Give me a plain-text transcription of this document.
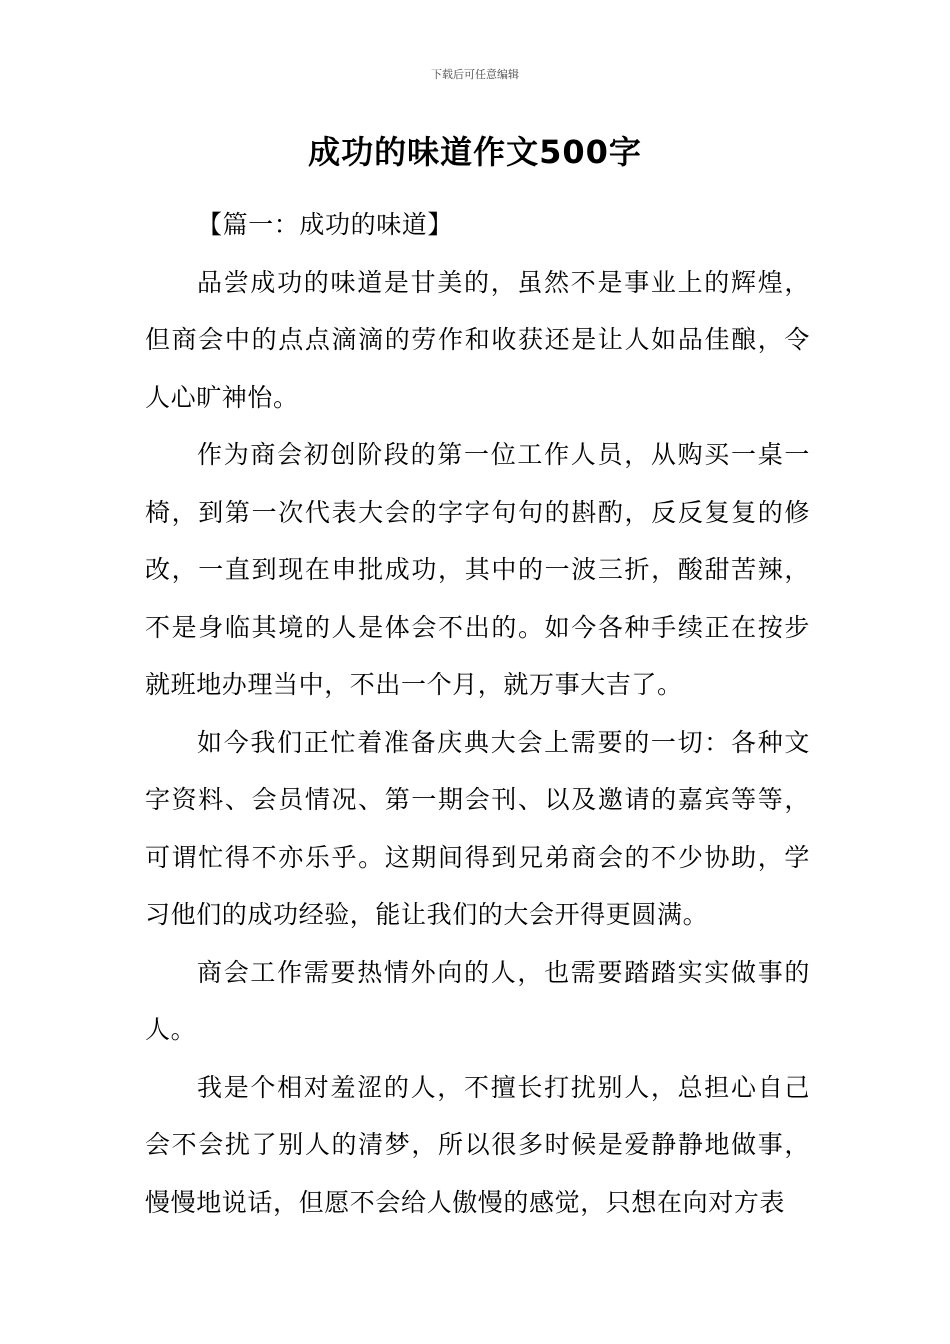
下载后可任意编辑
成功的味道作文500字

【篇一：成功的味道】

品尝成功的味道是甘美的，虽然不是事业上的辉煌，但商会中的点点滴滴的劳作和收获还是让人如品佳酿，令人心旷神怡。

作为商会初创阶段的第一位工作人员，从购买一桌一椅，到第一次代表大会的字字句句的斟酌，反反复复的修改，一直到现在申批成功，其中的一波三折，酸甜苦辣，不是身临其境的人是体会不出的。如今各种手续正在按步就班地办理当中，不出一个月，就万事大吉了。

如今我们正忙着准备庆典大会上需要的一切：各种文字资料、会员情况、第一期会刊、以及邀请的嘉宾等等，可谓忙得不亦乐乎。这期间得到兄弟商会的不少协助，学习他们的成功经验，能让我们的大会开得更圆满。

商会工作需要热情外向的人，也需要踏踏实实做事的人。

我是个相对羞涩的人，不擅长打扰别人，总担心自己会不会扰了别人的清梦，所以很多时候是爱静静地做事，慢慢地说话，但愿不会给人傲慢的感觉，只想在向对方表
